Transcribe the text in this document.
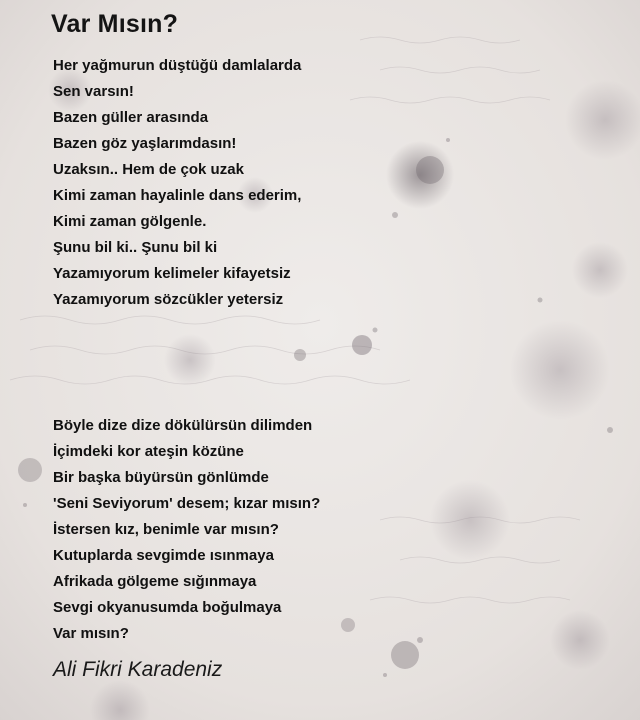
Var Mısın?
Her yağmurun düştüğü damlalarda
Sen varsın!
Bazen güller arasında
Bazen göz yaşlarımdasın!
Uzaksın.. Hem de çok uzak
Kimi zaman hayalinle dans ederim,
Kimi zaman gölgenle.
Şunu bil ki.. Şunu bil ki
Yazamıyorum kelimeler kifayetsiz
Yazamıyorum sözcükler yetersiz
Böyle dize dize dökülürsün dilimden
İçimdeki kor ateşin közüne
Bir başka büyürsün gönlümde
'Seni Seviyorum' desem; kızar mısın?
İstersen kız, benimle var mısın?
Kutuplarda sevgimde ısınmaya
Afrikada gölgeme sığınmaya
Sevgi okyanusumda boğulmaya
Var mısın?

Ali Fikri Karadeniz
